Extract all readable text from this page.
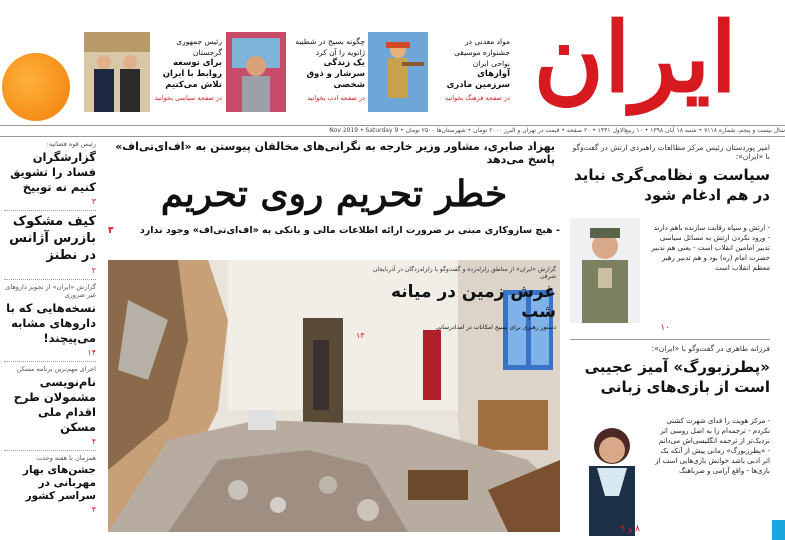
ایران
مواد معدنی در جشنواره موسیقی نواحی ایران
آوازهای سرزمین مادری
در صفحه فرهنگ بخوانید
چگونه بسیج در شطیبه ژانویه را آن کرد
یک زندگی سرشار و ذوق شخصی
در صفحه ادب بخوانید
رئیس جمهوری گرجستان
برای توسعه روابط با ایران تلاش می‌کنیم
در صفحه سیاسی بخوانید
سال بیست و پنجم، شماره ۷۱۱۸ • شنبه ۱۸ آبان ۱۳۹۸ • ۱۰ ربیع‌الاول ۱۴۴۱ • ۲۰ صفحه • قیمت در تهران و البرز ۲۰۰۰ تومان • شهرستان‌ها ۲۵۰۰ تومان • 9 Nov 2019 • Saturday
رئیس قوه قضائیه:
گزارشگران فساد را تشویق کنیم نه توبیخ
۳
کیف مشکوک بازرس آژانس در نطنز
۲
گزارش «ایران» از تجویز داروهای غیر ضروری
نسخه‌هایی که با داروهای مشابه می‌پیچند!
۱۴
اجرای مهم‌ترین برنامه مسکن
نام‌نویسی مشمولان طرح اقدام ملی مسکن
۴
همزمان با هفته وحدت
جشن‌های بهار مهربانی در سراسر کشور
۴
بهزاد صابری، مشاور وزیر خارجه به نگرانی‌های مخالفان پیوستن به «اف‌ای‌تی‌اف» پاسخ می‌دهد
خطر تحریم روی تحریم
- هیچ سازوکاری مبنی بر ضرورت ارائه اطلاعات مالی و بانکی به «اف‌ای‌تی‌اف» وجود ندارد
۳
گزارش «ایران» از مناطق زلزله‌زده و گفت‌وگو با زلزله‌زدگان در آذربایجان شرقی
غرش زمین در میانه شب
دستور رهبری برای بسیج امکانات در امدادرسانی
۱۳
امیر پوردستان رئیس مرکز مطالعات راهبردی ارتش در گفت‌وگو با «ایران»:
سیاست و نظامی‌گری نباید در هم ادغام شود
- ارتش و سپاه رقابت سازنده باهم دارند - ورود نکردن ارتش به مسائل سیاسی تدبیر امامین انقلاب است - یعنی هم تدبیر حضرت امام (ره) بود و هم تدبیر رهبر معظم انقلاب است
۱۰
فرزانه طاهری در گفت‌وگو با «ایران»:
«پطرزبورگ» آمیز عجیبی است از بازی‌های زبانی
- مرکز هویت را فدای شهرت کشتی نکردم - ترجمه‌ام را به اصل روسی اثر نزدیک‌تر از ترجمه انگلیسی‌اش می‌دانم - «پطرزبورگ» رمانی پیش از آنکه یک اثر ادبی باشد خوانش بازی‌هایی است از بازی‌ها - واقع آرامی و ضرباهنگ
۸ و ۹
